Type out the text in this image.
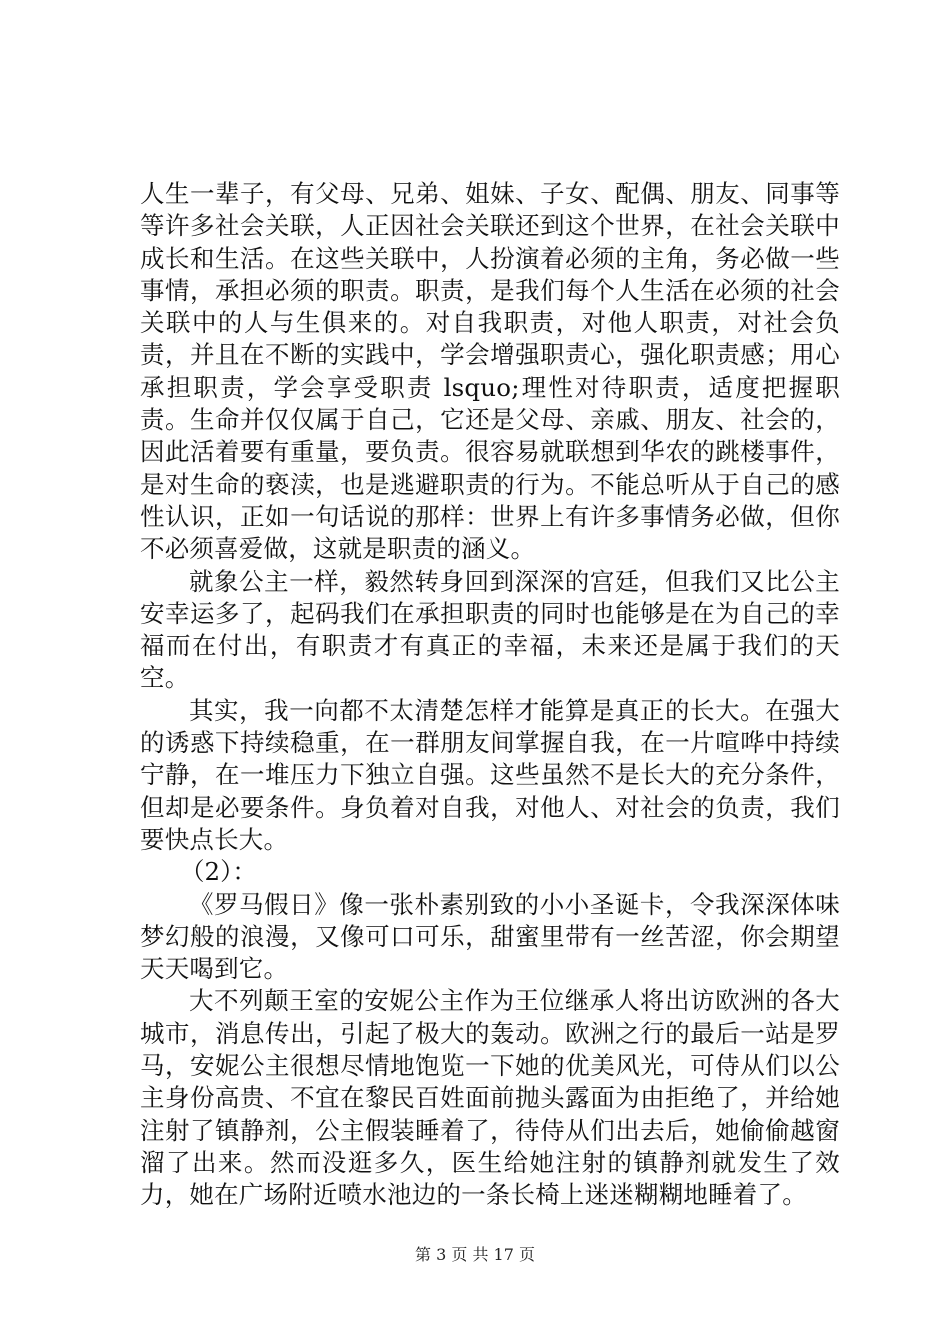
人生一辈子，有父母、兄弟、姐妹、子女、配偶、朋友、同事等等许多社会关联，人正因社会关联还到这个世界，在社会关联中成长和生活。在这些关联中，人扮演着必须的主角，务必做一些事情，承担必须的职责。职责，是我们每个人生活在必须的社会关联中的人与生俱来的。对自我职责，对他人职责，对社会负责，并且在不断的实践中，学会增强职责心，强化职责感；用心承担职责，学会享受职责 lsquo;理性对待职责，适度把握职责。生命并仅仅属于自己，它还是父母、亲戚、朋友、社会的，因此活着要有重量，要负责。很容易就联想到华农的跳楼事件，是对生命的亵渎，也是逃避职责的行为。不能总听从于自己的感性认识，正如一句话说的那样：世界上有许多事情务必做，但你不必须喜爱做，这就是职责的涵义。

就象公主一样，毅然转身回到深深的宫廷，但我们又比公主安幸运多了，起码我们在承担职责的同时也能够是在为自己的幸福而在付出，有职责才有真正的幸福，未来还是属于我们的天空。

其实，我一向都不太清楚怎样才能算是真正的长大。在强大的诱惑下持续稳重，在一群朋友间掌握自我，在一片喧哗中持续宁静，在一堆压力下独立自强。这些虽然不是长大的充分条件，但却是必要条件。身负着对自我，对他人、对社会的负责，我们要快点长大。

（2）：

《罗马假日》像一张朴素别致的小小圣诞卡，令我深深体味梦幻般的浪漫，又像可口可乐，甜蜜里带有一丝苦涩，你会期望天天喝到它。

大不列颠王室的安妮公主作为王位继承人将出访欧洲的各大城市，消息传出，引起了极大的轰动。欧洲之行的最后一站是罗马，安妮公主很想尽情地饱览一下她的优美风光，可侍从们以公主身份高贵、不宜在黎民百姓面前抛头露面为由拒绝了，并给她注射了镇静剂，公主假装睡着了，待侍从们出去后，她偷偷越窗溜了出来。然而没逛多久，医生给她注射的镇静剂就发生了效力，她在广场附近喷水池边的一条长椅上迷迷糊糊地睡着了。

第 3 页 共 17 页
